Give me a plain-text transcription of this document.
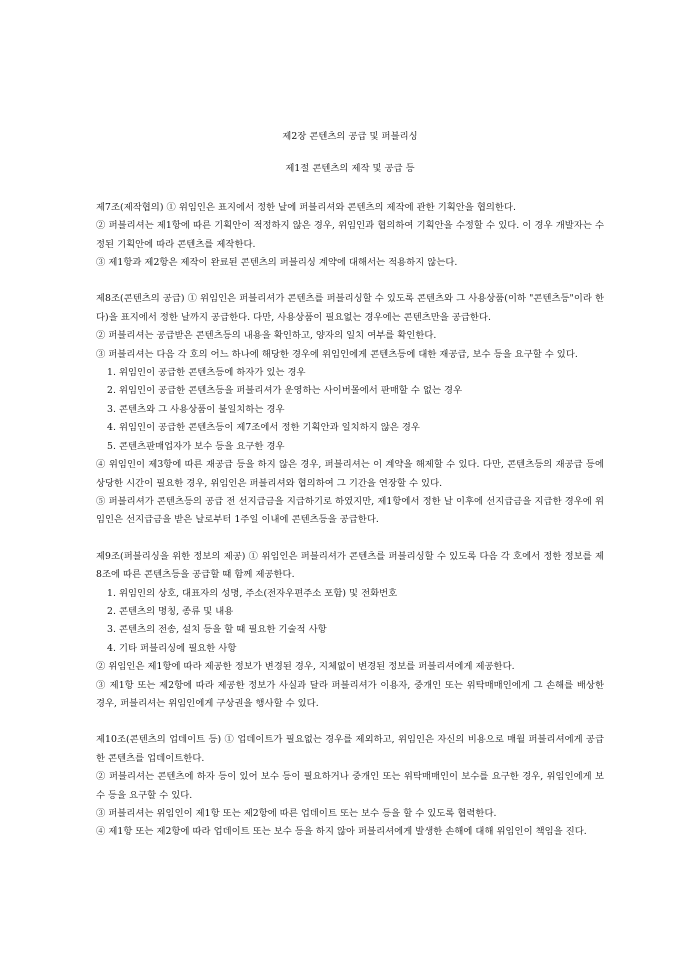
제2장 콘텐츠의 공급 및 퍼블리싱

제1절 콘텐츠의 제작 및 공급 등

제7조(제작협의) ① 위임인은 표지에서 정한 날에 퍼블리셔와 콘텐츠의 제작에 관한 기획안을 협의한다.

② 퍼블리셔는 제1항에 따른 기획안이 적정하지 않은 경우, 위임인과 협의하여 기획안을 수정할 수 있다. 이 경우 개발자는 수정된 기획안에 따라 콘텐츠를 제작한다.

③ 제1항과 제2항은 제작이 완료된 콘텐츠의 퍼블리싱 계약에 대해서는 적용하지 않는다.

제8조(콘텐츠의 공급) ① 위임인은 퍼블리셔가 콘텐츠를 퍼블리싱할 수 있도록 콘텐츠와 그 사용상품(이하 "콘텐츠등"이라 한다)을 표지에서 정한 날까지 공급한다. 다만, 사용상품이 필요없는 경우에는 콘텐츠만을 공급한다.

② 퍼블리셔는 공급받은 콘텐츠등의 내용을 확인하고, 양자의 일치 여부를 확인한다.

③ 퍼블리셔는 다음 각 호의 어느 하나에 해당한 경우에 위임인에게 콘텐츠등에 대한 재공급, 보수 등을 요구할 수 있다.

1. 위임인이 공급한 콘텐츠등에 하자가 있는 경우

2. 위임인이 공급한 콘텐츠등을 퍼블리셔가 운영하는 사이버몰에서 판매할 수 없는 경우

3. 콘텐츠와 그 사용상품이 불일치하는 경우

4. 위임인이 공급한 콘텐츠등이 제7조에서 정한 기획안과 일치하지 않은 경우

5. 콘텐츠판매업자가 보수 등을 요구한 경우

④ 위임인이 제3항에 따른 재공급 등을 하지 않은 경우, 퍼블리셔는 이 계약을 해제할 수 있다. 다만, 콘텐츠등의 재공급 등에 상당한 시간이 필요한 경우, 위임인은 퍼블리셔와 협의하여 그 기간을 연장할 수 있다.

⑤ 퍼블리셔가 콘텐츠등의 공급 전 선지급금을 지급하기로 하였지만, 제1항에서 정한 날 이후에 선지급금을 지급한 경우에 위임인은 선지급금을 받은 날로부터 1주일 이내에 콘텐츠등을 공급한다.

제9조(퍼블리싱을 위한 정보의 제공) ① 위임인은 퍼블리셔가 콘텐츠를 퍼블리싱할 수 있도록 다음 각 호에서 정한 정보를 제8조에 따른 콘텐츠등을 공급할 때 함께 제공한다.

1. 위임인의 상호, 대표자의 성명, 주소(전자우편주소 포함) 및 전화번호

2. 콘텐츠의 명칭, 종류 및 내용

3. 콘텐츠의 전송, 설치 등을 할 때 필요한 기술적 사항

4. 기타 퍼블리싱에 필요한 사항

② 위임인은 제1항에 따라 제공한 정보가 변경된 경우, 지체없이 변경된 정보를 퍼블리셔에게 제공한다.

③ 제1항 또는 제2항에 따라 제공한 정보가 사실과 달라 퍼블리셔가 이용자, 중개인 또는 위탁매매인에게 그 손해를 배상한 경우, 퍼블리셔는 위임인에게 구상권을 행사할 수 있다.

제10조(콘텐츠의 업데이트 등) ① 업데이트가 필요없는 경우를 제외하고, 위임인은 자신의 비용으로 매월 퍼블리셔에게 공급한 콘텐츠를 업데이트한다.

② 퍼블리셔는 콘텐츠에 하자 등이 있어 보수 등이 필요하거나 중개인 또는 위탁매매인이 보수를 요구한 경우, 위임인에게 보수 등을 요구할 수 있다.

③ 퍼블리셔는 위임인이 제1항 또는 제2항에 따른 업데이트 또는 보수 등을 할 수 있도록 협력한다.

④ 제1항 또는 제2항에 따라 업데이트 또는 보수 등을 하지 않아 퍼블리셔에게 발생한 손해에 대해 위임인이 책임을 진다.
